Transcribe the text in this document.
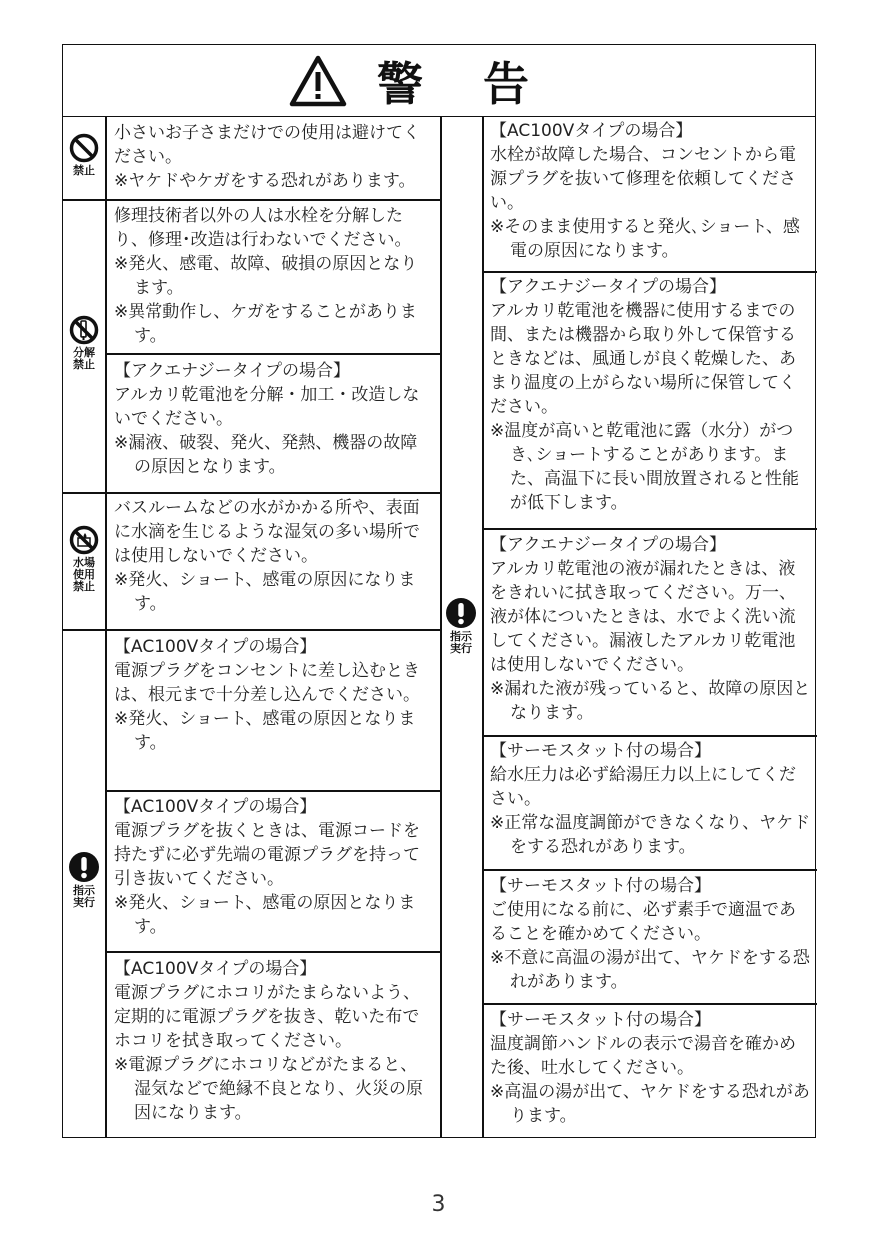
警告
禁止
分解禁止
水場使用禁止
指示実行
指示実行

小さいお子さまだけでの使用は避けてください。

※ヤケドやケガをする恐れがあります。

修理技術者以外の人は水栓を分解したり、修理･改造は行わないでください。

※発火、感電、故障、破損の原因となります。

※異常動作し、ケガをすることがあります。

【アクエナジータイプの場合】

アルカリ乾電池を分解・加工・改造しないでください。

※漏液、破裂、発火、発熱、機器の故障の原因となります。

バスルームなどの水がかかる所や、表面に水滴を生じるような湿気の多い場所では使用しないでください。

※発火、ショート、感電の原因になります。

【AC100Vタイプの場合】

電源プラグをコンセントに差し込むときは、根元まで十分差し込んでください。

※発火、ショート、感電の原因となります。

【AC100Vタイプの場合】

電源プラグを抜くときは、電源コードを持たずに必ず先端の電源プラグを持って引き抜いてください。

※発火、ショート、感電の原因となります。

【AC100Vタイプの場合】

電源プラグにホコリがたまらないよう、定期的に電源プラグを抜き、乾いた布でホコリを拭き取ってください。

※電源プラグにホコリなどがたまると、湿気などで絶縁不良となり、火災の原因になります。

【AC100Vタイプの場合】

水栓が故障した場合、コンセントから電源プラグを抜いて修理を依頼してください。

※そのまま使用すると発火､ショート、感電の原因になります。

【アクエナジータイプの場合】

アルカリ乾電池を機器に使用するまでの間、または機器から取り外して保管するときなどは、風通しが良く乾燥した、あまり温度の上がらない場所に保管してください。

※温度が高いと乾電池に露（水分）がつき､ショートすることがあります。また、高温下に長い間放置されると性能が低下します。

【アクエナジータイプの場合】

アルカリ乾電池の液が漏れたときは、液をきれいに拭き取ってください。万一、液が体についたときは、水でよく洗い流してください。漏液したアルカリ乾電池は使用しないでください。

※漏れた液が残っていると、故障の原因となります。

【サーモスタット付の場合】

給水圧力は必ず給湯圧力以上にしてください。

※正常な温度調節ができなくなり、ヤケドをする恐れがあります。

【サーモスタット付の場合】

ご使用になる前に、必ず素手で適温であることを確かめてください。

※不意に高温の湯が出て、ヤケドをする恐れがあります。

【サーモスタット付の場合】

温度調節ハンドルの表示で湯音を確かめた後、吐水してください。

※高温の湯が出て、ヤケドをする恐れがあります。

3
